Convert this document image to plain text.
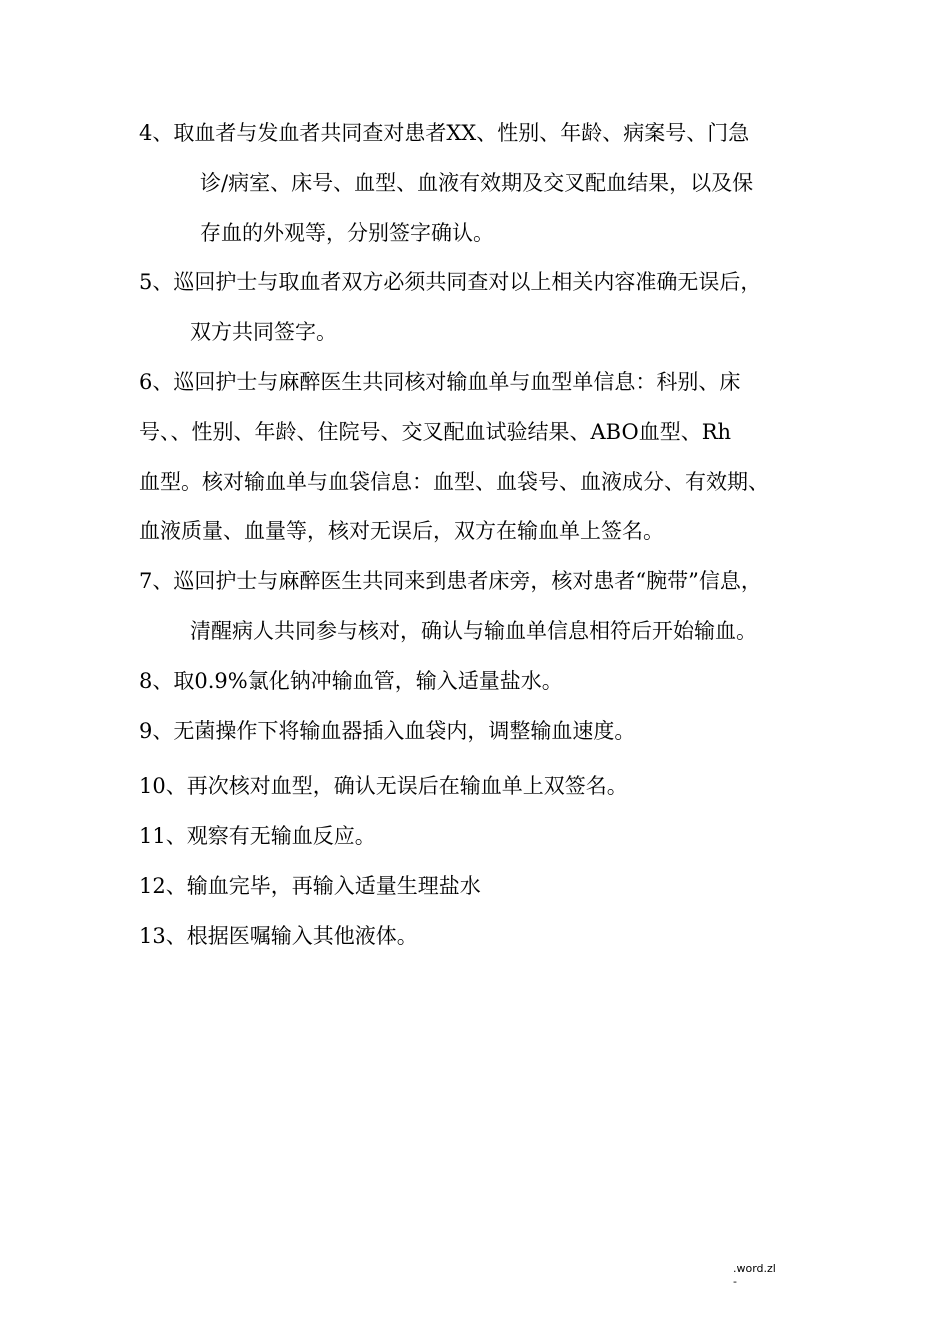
4、取血者与发血者共同查对患者XX、性别、年龄、病案号、门急
诊/病室、床号、血型、血液有效期及交叉配血结果，以及保
存血的外观等，分别签字确认。
5、巡回护士与取血者双方必须共同查对以上相关内容准确无误后，
双方共同签字。
6、巡回护士与麻醉医生共同核对输血单与血型单信息：科别、床
号、、性别、年龄、住院号、交叉配血试验结果、ABO血型、Rh
血型。核对输血单与血袋信息：血型、血袋号、血液成分、有效期、
血液质量、血量等，核对无误后，双方在输血单上签名。
7、巡回护士与麻醉医生共同来到患者床旁，核对患者“腕带”信息，
清醒病人共同参与核对，确认与输血单信息相符后开始输血。
8、取0.9%氯化钠冲输血管，输入适量盐水。
9、无菌操作下将输血器插入血袋内，调整输血速度。
10、再次核对血型，确认无误后在输血单上双签名。
11、观察有无输血反应。
12、输血完毕，再输入适量生理盐水
13、根据医嘱输入其他液体。
.word.zl
-
